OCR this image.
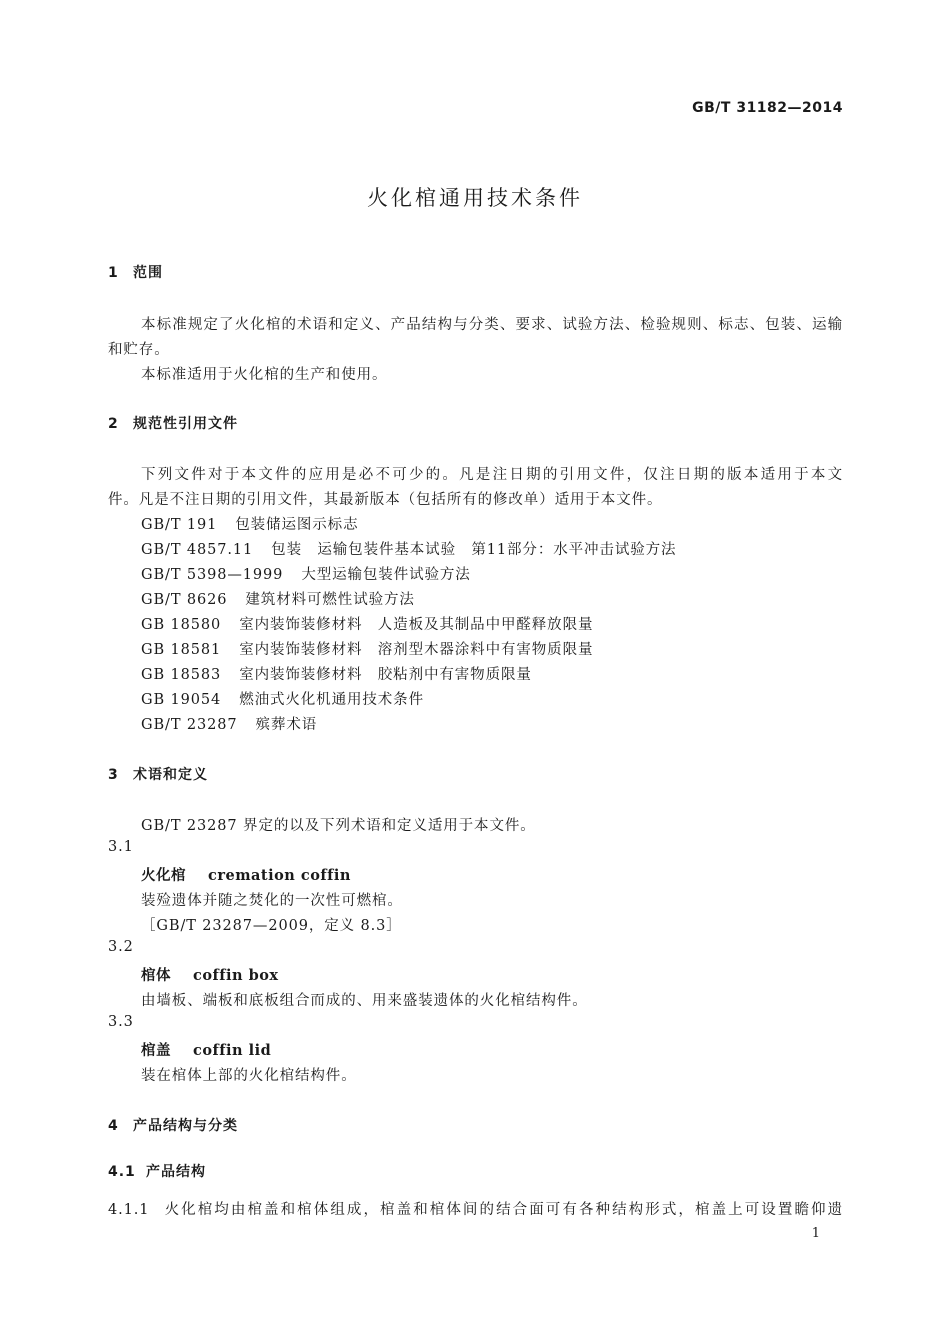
GB/T 31182—2014
火化棺通用技术条件
1 范围
本标准规定了火化棺的术语和定义、产品结构与分类、要求、试验方法、检验规则、标志、包装、运输
和贮存。
本标准适用于火化棺的生产和使用。
2 规范性引用文件
下列文件对于本文件的应用是必不可少的。凡是注日期的引用文件，仅注日期的版本适用于本文
件。凡是不注日期的引用文件，其最新版本（包括所有的修改单）适用于本文件。
GB/T 191 包装储运图示标志
GB/T 4857.11 包装　运输包装件基本试验　第11部分：水平冲击试验方法
GB/T 5398—1999 大型运输包装件试验方法
GB/T 8626 建筑材料可燃性试验方法
GB 18580 室内装饰装修材料　人造板及其制品中甲醛释放限量
GB 18581 室内装饰装修材料　溶剂型木器涂料中有害物质限量
GB 18583 室内装饰装修材料　胶粘剂中有害物质限量
GB 19054 燃油式火化机通用技术条件
GB/T 23287 殡葬术语
3 术语和定义
GB/T 23287 界定的以及下列术语和定义适用于本文件。
3.1
火化棺 cremation coffin
装殓遗体并随之焚化的一次性可燃棺。
［GB/T 23287—2009，定义 8.3］
3.2
棺体 coffin box
由墙板、端板和底板组合而成的、用来盛装遗体的火化棺结构件。
3.3
棺盖 coffin lid
装在棺体上部的火化棺结构件。
4 产品结构与分类
4.1 产品结构
4.1.1 火化棺均由棺盖和棺体组成，棺盖和棺体间的结合面可有各种结构形式，棺盖上可设置瞻仰遗
1
